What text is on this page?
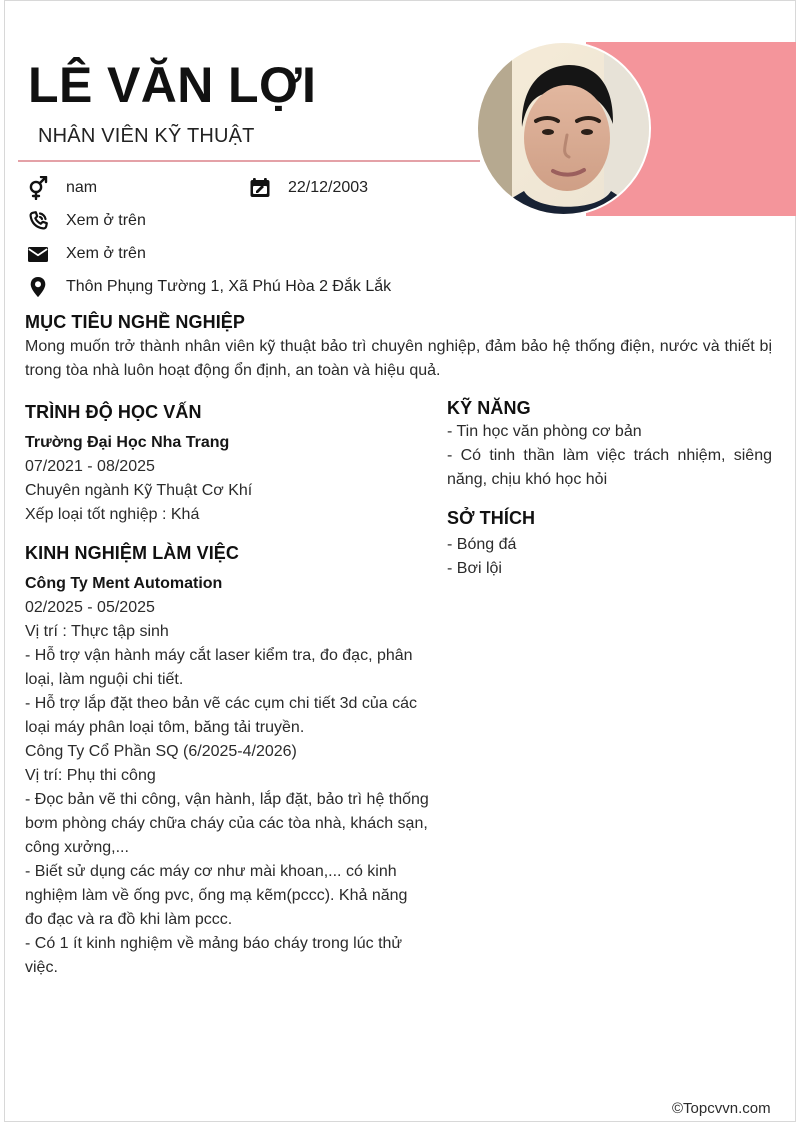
LÊ VĂN LỢI
NHÂN VIÊN KỸ THUẬT
nam	22/12/2003
Xem ở trên
Xem ở trên
Thôn Phụng Tường 1, Xã Phú Hòa 2 Đắk Lắk
MỤC TIÊU NGHỀ NGHIỆP
Mong muốn trở thành nhân viên kỹ thuật bảo trì chuyên nghiệp, đảm bảo hệ thống điện, nước và thiết bị trong tòa nhà luôn hoạt động ổn định, an toàn và hiệu quả.
TRÌNH ĐỘ HỌC VẤN
Trường Đại Học Nha Trang
07/2021 - 08/2025
Chuyên ngành Kỹ Thuật Cơ Khí
Xếp loại tốt nghiệp : Khá
KINH NGHIỆM LÀM VIỆC
Công Ty Ment Automation
02/2025 - 05/2025
Vị trí : Thực tập sinh
- Hỗ trợ vận hành máy cắt laser kiểm tra, đo đạc, phân
loại, làm nguội chi tiết.
- Hỗ trợ lắp đặt theo bản vẽ các cụm chi tiết 3d của các
loại máy phân loại tôm, băng tải truyền.
Công Ty Cổ Phần SQ (6/2025-4/2026)
Vị trí: Phụ thi công
- Đọc bản vẽ thi công, vận hành, lắp đặt, bảo trì hệ thống
bơm phòng cháy chữa cháy của các tòa nhà, khách sạn,
công xưởng,...
- Biết sử dụng các máy cơ như mài khoan,... có kinh
nghiệm làm về ống pvc, ống mạ kẽm(pccc). Khả năng
đo đạc và ra đồ khi làm pccc.
- Có 1 ít kinh nghiệm về mảng báo cháy trong lúc thử
việc.
KỸ NĂNG
- Tin học văn phòng cơ bản
- Có tinh thần làm việc trách nhiệm, siêng năng, chịu khó học hỏi
SỞ THÍCH
- Bóng đá
- Bơi lội
©Topcvvn.com
